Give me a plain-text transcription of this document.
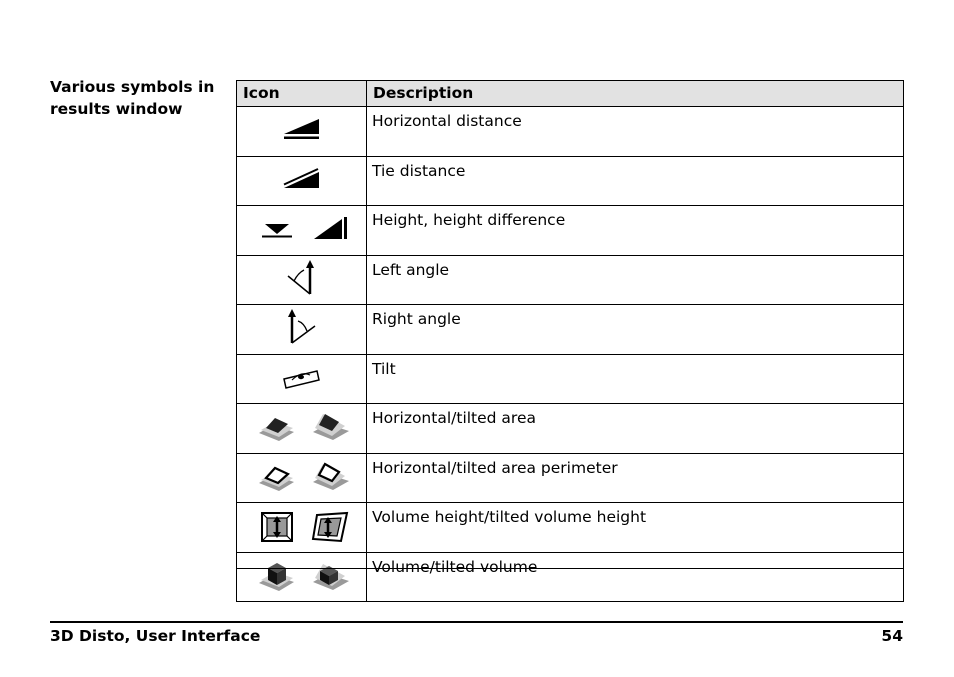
Various symbols in results window
Icon	Description

	Horizontal distance

	Tie distance

	Height, height difference

	Left angle

	Right angle

	Tilt

	Horizontal/tilted area

	Horizontal/tilted area perimeter

	Volume height/tilted volume height

	Volume/tilted volume
3D Disto, User Interface	54
